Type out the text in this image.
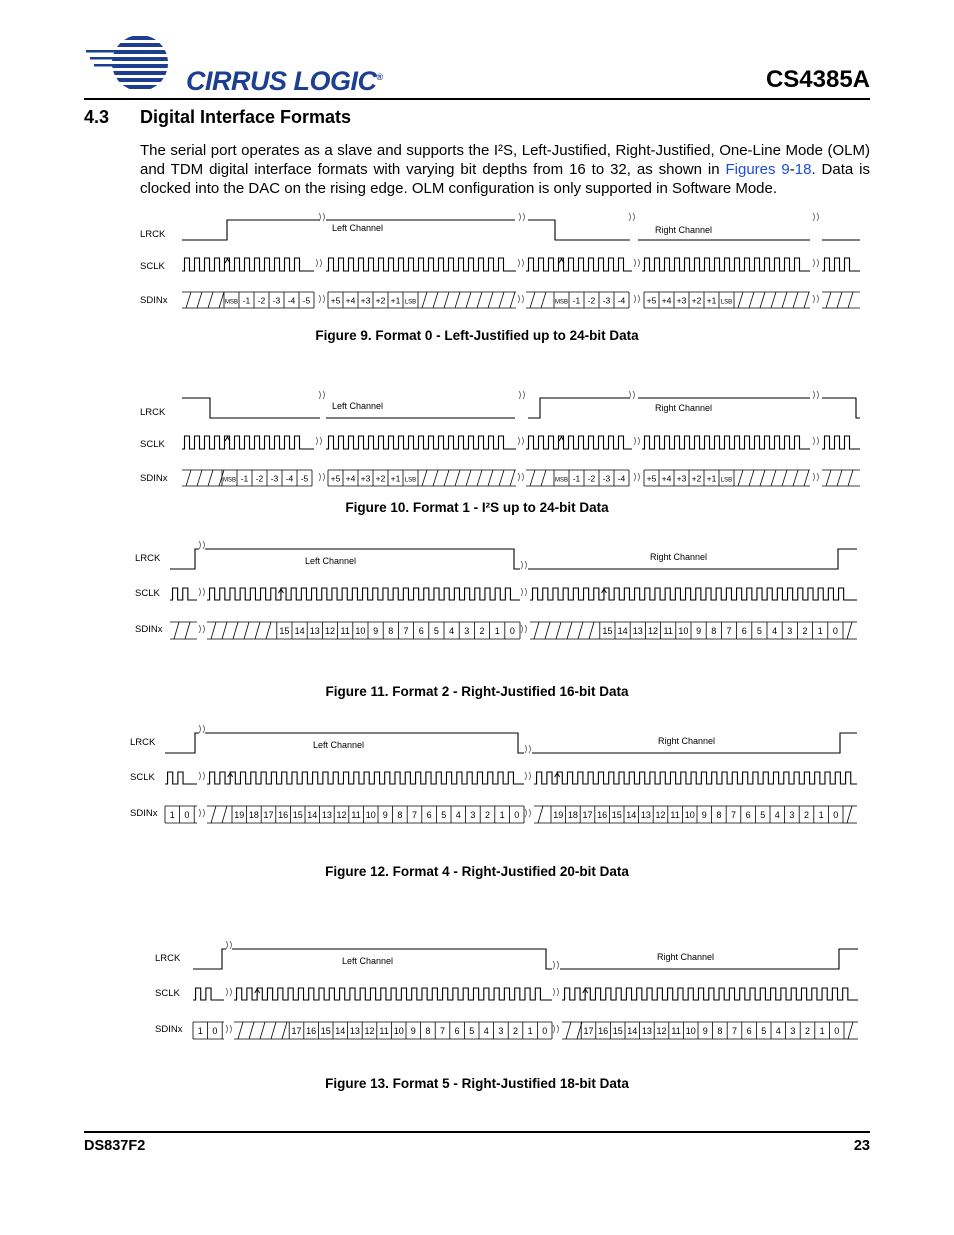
CIRRUS LOGIC®	CS4385A
4.3 Digital Interface Formats
The serial port operates as a slave and supports the I²S, Left-Justified, Right-Justified, One-Line Mode (OLM) and TDM digital interface formats with varying bit depths from 16 to 32, as shown in Figures 9-18. Data is clocked into the DAC on the rising edge. OLM configuration is only supported in Software Mode.
LRCK
SCLK
SDINx
Left Channel	Right Channel
MSB -1 -2 -3 -4 -5 +5 +4 +3 +2 +1 LSB	MSB -1 -2 -3 -4	+5 +4 +3 +2 +1 LSB
Figure 9. Format 0 - Left-Justified up to 24-bit Data
LRCK
SCLK
SDINx
Left Channel	Right Channel
MSB -1 -2 -3 -4 -5	+5 +4 +3 +2 +1 LSB	MSB -1 -2 -3 -4	+5 +4 +3 +2 +1 LSB
Figure 10. Format 1 - I²S up to 24-bit Data
LRCK
SCLK
SDINx
Left Channel	Right Channel
15 14 13 12 11 10 9 8 7 6 5 4 3 2 1 0	15 14 13 12 11 10 9 8 7 6 5 4 3 2 1 0
Figure 11. Format 2 - Right-Justified 16-bit Data
LRCK
SCLK
SDINx
Left Channel	Right Channel
1 0	19 18 17 16 15 14 13 12 11 10 9 8 7 6 5 4 3 2 1 0	19 18 17 16 15 14 13 12 11 10 9 8 7 6 5 4 3 2 1 0
Figure 12. Format 4 - Right-Justified 20-bit Data
LRCK
SCLK
SDINx
Left Channel	Right Channel
1 0	17 16 15 14 13 12 11 10 9 8 7 6 5 4 3 2 1 0	17 16 15 14 13 12 11 10 9 8 7 6 5 4 3 2 1 0
Figure 13. Format 5 - Right-Justified 18-bit Data
DS837F2	23
